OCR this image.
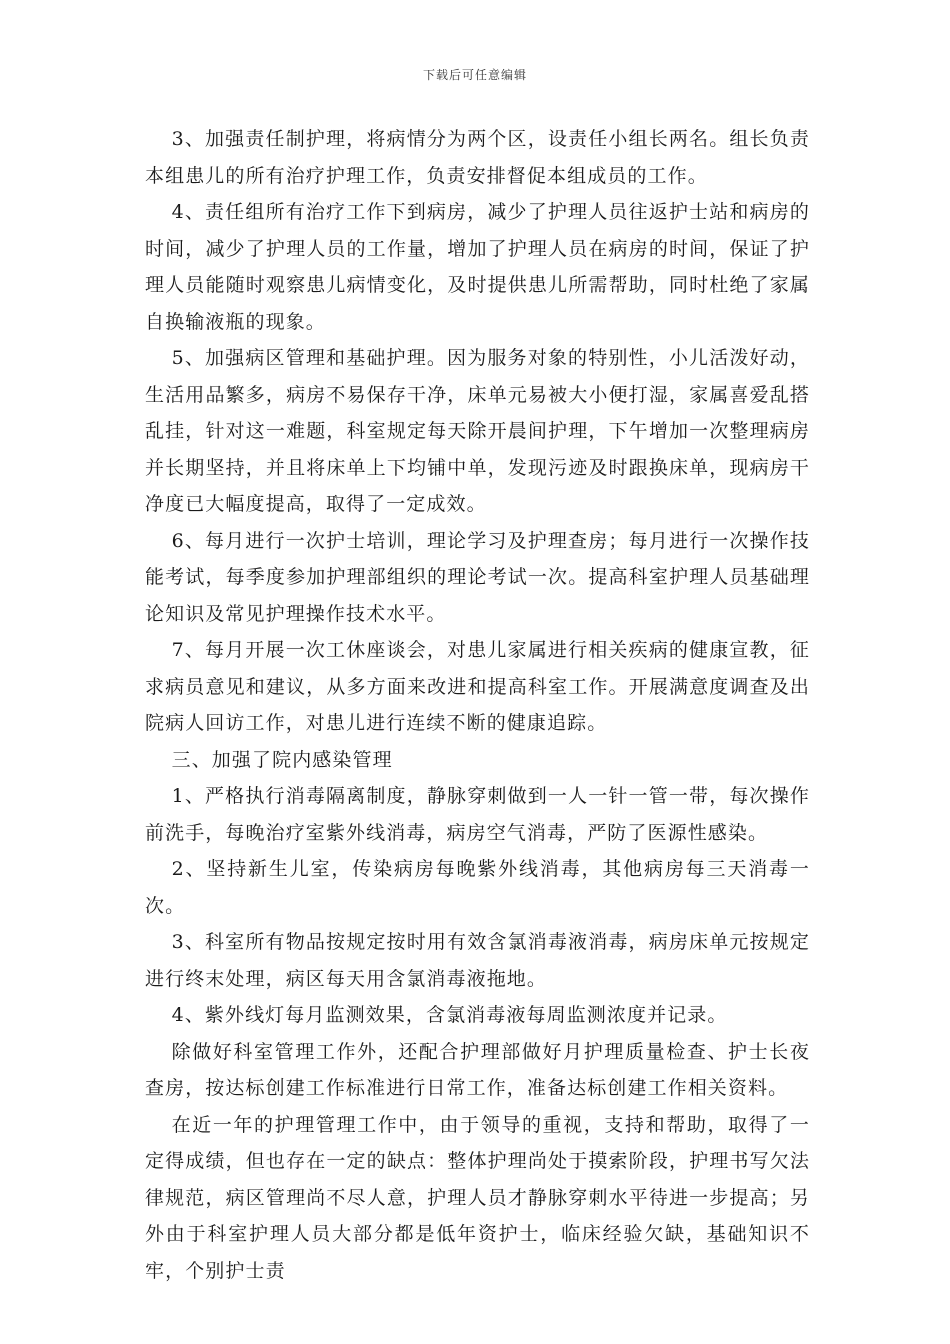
下载后可任意编辑

3、加强责任制护理，将病情分为两个区，设责任小组长两名。组长负责本组患儿的所有治疗护理工作，负责安排督促本组成员的工作。

4、责任组所有治疗工作下到病房，减少了护理人员往返护士站和病房的时间，减少了护理人员的工作量，增加了护理人员在病房的时间，保证了护理人员能随时观察患儿病情变化，及时提供患儿所需帮助，同时杜绝了家属自换输液瓶的现象。

5、加强病区管理和基础护理。因为服务对象的特别性，小儿活泼好动，生活用品繁多，病房不易保存干净，床单元易被大小便打湿，家属喜爱乱搭乱挂，针对这一难题，科室规定每天除开晨间护理，下午增加一次整理病房并长期坚持，并且将床单上下均铺中单，发现污迹及时跟换床单，现病房干净度已大幅度提高，取得了一定成效。

6、每月进行一次护士培训，理论学习及护理查房；每月进行一次操作技能考试，每季度参加护理部组织的理论考试一次。提高科室护理人员基础理论知识及常见护理操作技术水平。

7、每月开展一次工休座谈会，对患儿家属进行相关疾病的健康宣教，征求病员意见和建议，从多方面来改进和提高科室工作。开展满意度调查及出院病人回访工作，对患儿进行连续不断的健康追踪。

三、加强了院内感染管理

1、严格执行消毒隔离制度，静脉穿刺做到一人一针一管一带，每次操作前洗手，每晚治疗室紫外线消毒，病房空气消毒，严防了医源性感染。

2、坚持新生儿室，传染病房每晚紫外线消毒，其他病房每三天消毒一次。

3、科室所有物品按规定按时用有效含氯消毒液消毒，病房床单元按规定进行终末处理，病区每天用含氯消毒液拖地。

4、紫外线灯每月监测效果，含氯消毒液每周监测浓度并记录。

除做好科室管理工作外，还配合护理部做好月护理质量检查、护士长夜查房，按达标创建工作标准进行日常工作，准备达标创建工作相关资料。

在近一年的护理管理工作中，由于领导的重视，支持和帮助，取得了一定得成绩，但也存在一定的缺点：整体护理尚处于摸索阶段，护理书写欠法律规范，病区管理尚不尽人意，护理人员才静脉穿刺水平待进一步提高；另外由于科室护理人员大部分都是低年资护士，临床经验欠缺，基础知识不牢，个别护士责
